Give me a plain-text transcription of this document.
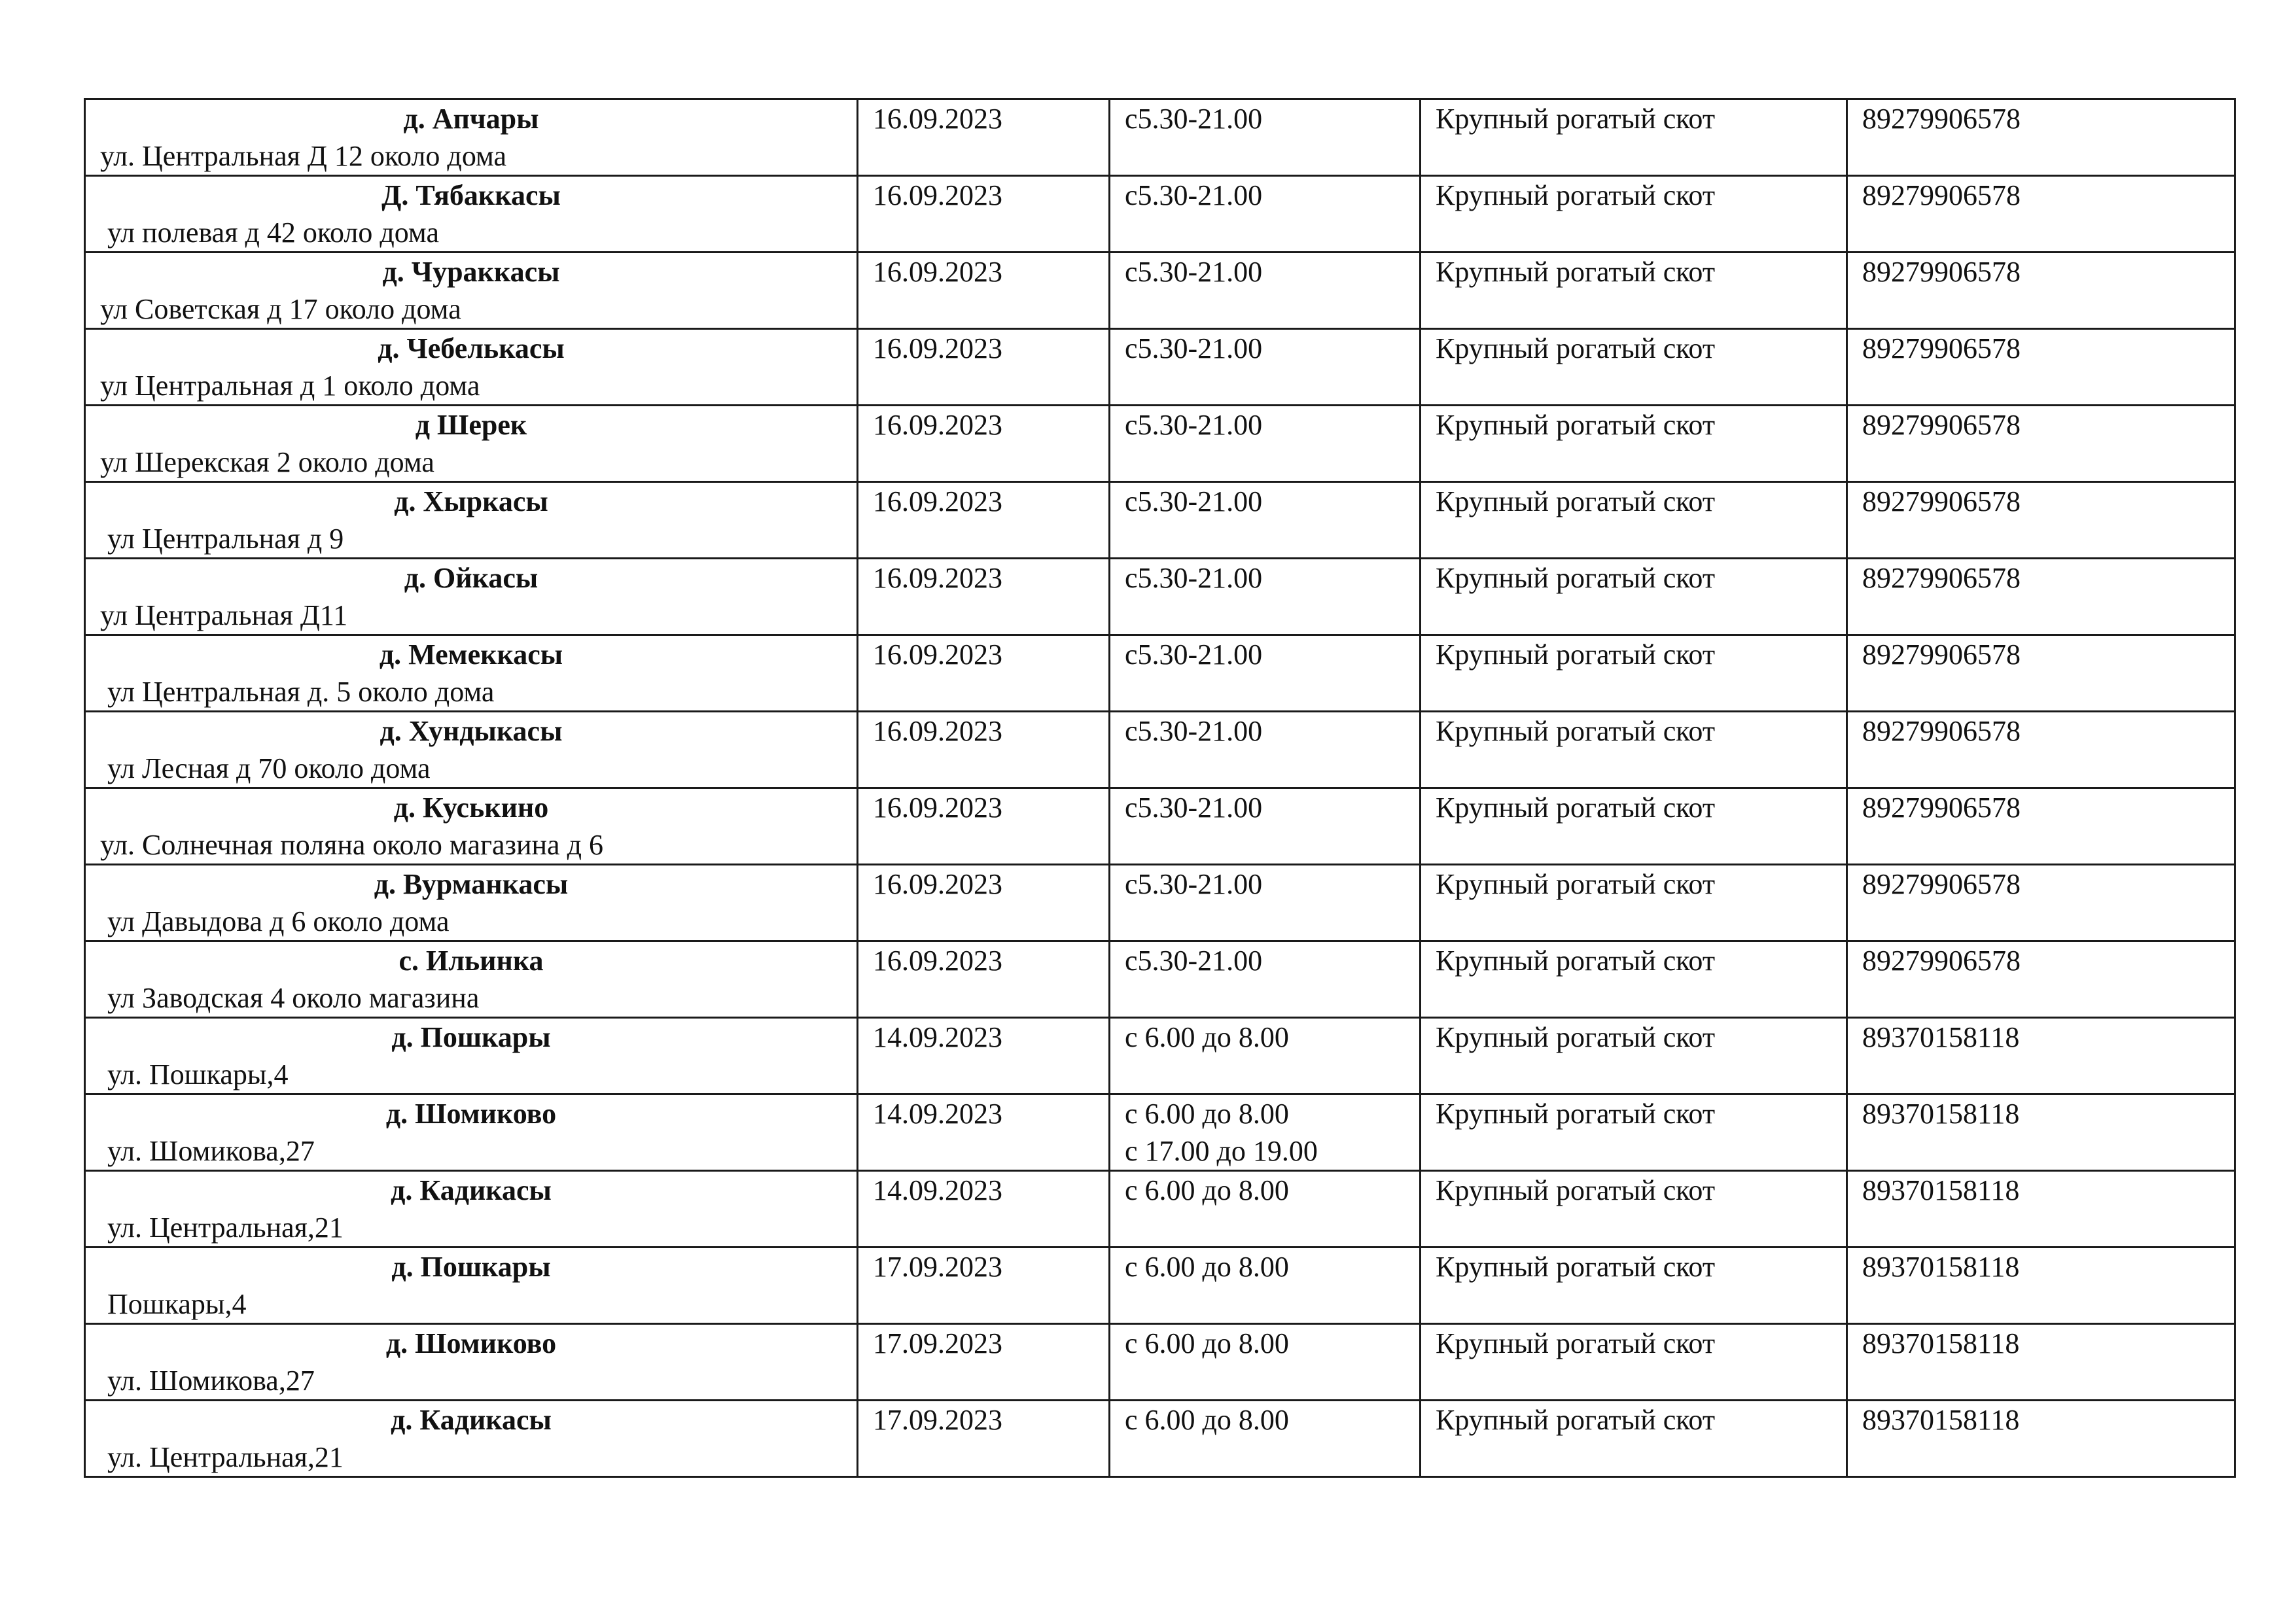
д. Апчары
ул. Центральная Д 12 около дома	16.09.2023	с5.30-21.00	Крупный рогатый скот	89279906578

Д. Тябаккасы
ул полевая д 42 около дома	16.09.2023	с5.30-21.00	Крупный рогатый скот	89279906578

д. Чураккасы
ул Советская д 17 около дома	16.09.2023	с5.30-21.00	Крупный рогатый скот	89279906578

д. Чебелькасы
ул Центральная д 1 около дома	16.09.2023	с5.30-21.00	Крупный рогатый скот	89279906578

д Шерек
ул Шерекская 2 около дома	16.09.2023	с5.30-21.00	Крупный рогатый скот	89279906578

д. Хыркасы
ул Центральная д 9	16.09.2023	с5.30-21.00	Крупный рогатый скот	89279906578

д. Ойкасы
ул Центральная Д11	16.09.2023	с5.30-21.00	Крупный рогатый скот	89279906578

д. Мемеккасы
ул Центральная д. 5 около дома	16.09.2023	с5.30-21.00	Крупный рогатый скот	89279906578

д. Хундыкасы
ул Лесная д 70 около дома	16.09.2023	с5.30-21.00	Крупный рогатый скот	89279906578

д. Куськино
ул. Солнечная поляна около магазина д 6	16.09.2023	с5.30-21.00	Крупный рогатый скот	89279906578

д. Вурманкасы
ул Давыдова д 6 около дома	16.09.2023	с5.30-21.00	Крупный рогатый скот	89279906578

с. Ильинка
ул Заводская 4 около магазина	16.09.2023	с5.30-21.00	Крупный рогатый скот	89279906578

д. Пошкары
ул. Пошкары,4	14.09.2023	с 6.00 до 8.00	Крупный рогатый скот	89370158118

д. Шомиково
ул. Шомикова,27	14.09.2023	с 6.00 до 8.00
с 17.00 до 19.00	Крупный рогатый скот	89370158118

д. Кадикасы
ул. Центральная,21	14.09.2023	с 6.00 до 8.00	Крупный рогатый скот	89370158118

д. Пошкары
Пошкары,4	17.09.2023	с 6.00 до 8.00	Крупный рогатый скот	89370158118

д. Шомиково
ул. Шомикова,27	17.09.2023	с 6.00 до 8.00	Крупный рогатый скот	89370158118

д. Кадикасы
ул. Центральная,21	17.09.2023	с 6.00 до 8.00	Крупный рогатый скот	89370158118
